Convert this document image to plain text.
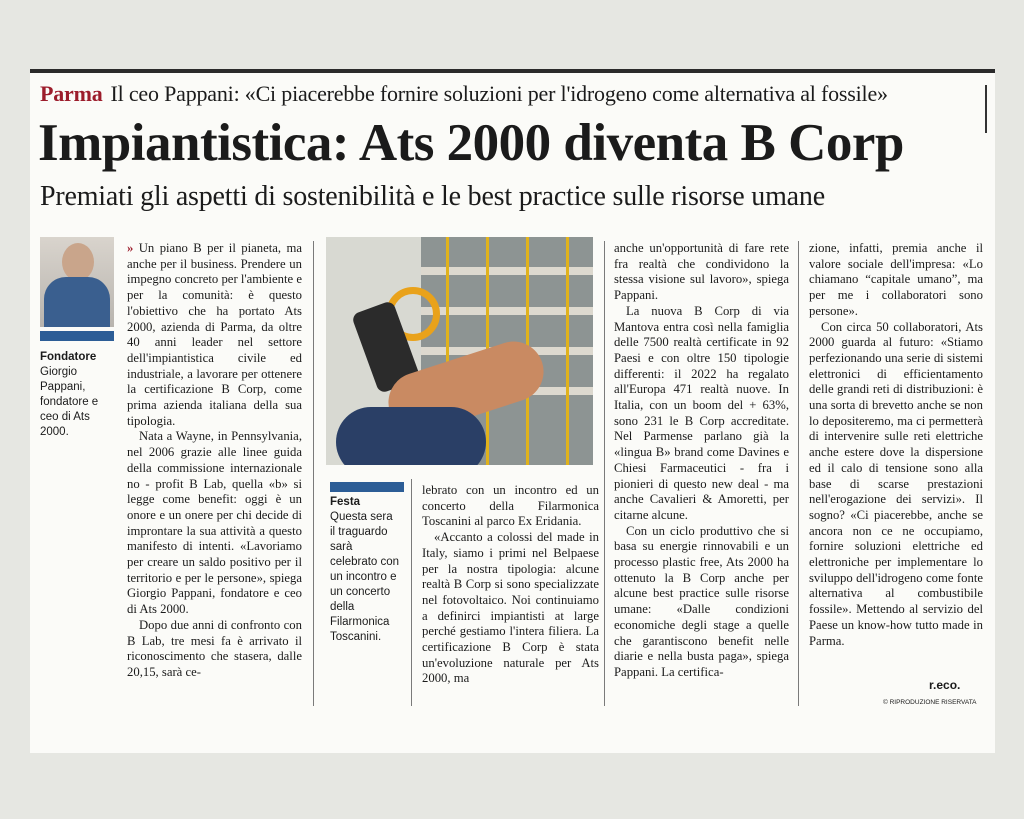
Parma Il ceo Pappani: «Ci piacerebbe fornire soluzioni per l'idrogeno come alternativa al fossile»
Impiantistica: Ats 2000 diventa B Corp
Premiati gli aspetti di sostenibilità e le best practice sulle risorse umane
Fondatore
Giorgio Pappani, fondatore e ceo di Ats 2000.

» Un piano B per il pianeta, ma anche per il business. Prendere un impegno concreto per l'ambiente e per la comunità: è questo l'obiettivo che ha portato Ats 2000, azienda di Parma, da oltre 40 anni leader nel settore dell'impiantistica civile ed industriale, a lavorare per ottenere la certificazione B Corp, come prima azienda italiana della sua tipologia.

Nata a Wayne, in Pennsylvania, nel 2006 grazie alle linee guida della commissione internazionale no - profit B Lab, quella «b» si legge come benefit: oggi è un onore e un onere per chi decide di improntare la sua attività a questo manifesto di intenti. «Lavoriamo per creare un saldo positivo per il territorio e per le persone», spiega Giorgio Pappani, fondatore e ceo di Ats 2000.

Dopo due anni di confronto con B Lab, tre mesi fa è arrivato il riconoscimento che stasera, dalle 20,15, sarà ce-

Festa
Questa sera il traguardo sarà celebrato con un incontro e un concerto della Filarmonica Toscanini.

lebrato con un incontro ed un concerto della Filarmonica Toscanini al parco Ex Eridania.

«Accanto a colossi del made in Italy, siamo i primi nel Belpaese per la nostra tipologia: alcune realtà B Corp si sono specializzate nel fotovoltaico. Noi continuiamo a definirci impiantisti at large perché gestiamo l'intera filiera. La certificazione B Corp è stata un'evoluzione naturale per Ats 2000, ma

anche un'opportunità di fare rete fra realtà che condividono la stessa visione sul lavoro», spiega Pappani.

La nuova B Corp di via Mantova entra così nella famiglia delle 7500 realtà certificate in 92 Paesi e con oltre 150 tipologie differenti: il 2022 ha regalato all'Europa 471 realtà nuove. In Italia, con un boom del + 63%, sono 231 le B Corp accreditate. Nel Parmense parlano già la «lingua B» brand come Davines e Chiesi Farmaceutici - fra i pionieri di questo new deal - ma anche Cavalieri & Amoretti, per citarne alcune.

Con un ciclo produttivo che si basa su energie rinnovabili e un processo plastic free, Ats 2000 ha ottenuto la B Corp anche per alcune best practice sulle risorse umane: «Dalle condizioni economiche degli stage a quelle che garantiscono benefit nelle diarie e nella busta paga», spiega Pappani. La certifica-

zione, infatti, premia anche il valore sociale dell'impresa: «Lo chiamano “capitale umano”, ma per me i collaboratori sono persone».

Con circa 50 collaboratori, Ats 2000 guarda al futuro: «Stiamo perfezionando una serie di sistemi elettronici di efficientamento delle grandi reti di distribuzioni: è una sorta di brevetto anche se non lo depositeremo, ma ci permetterà di intervenire sulle reti elettriche anche estere dove la dispersione ed il calo di tensione sono alla base di scarse prestazioni nell'erogazione dei servizi». Il sogno? «Ci piacerebbe, anche se ancora non ce ne occupiamo, fornire soluzioni elettriche ed elettroniche per implementare lo sviluppo dell'idrogeno come fonte alternativa al combustibile fossile». Mettendo al servizio del Paese un know-how tutto made in Parma.

r.eco.
© RIPRODUZIONE RISERVATA
